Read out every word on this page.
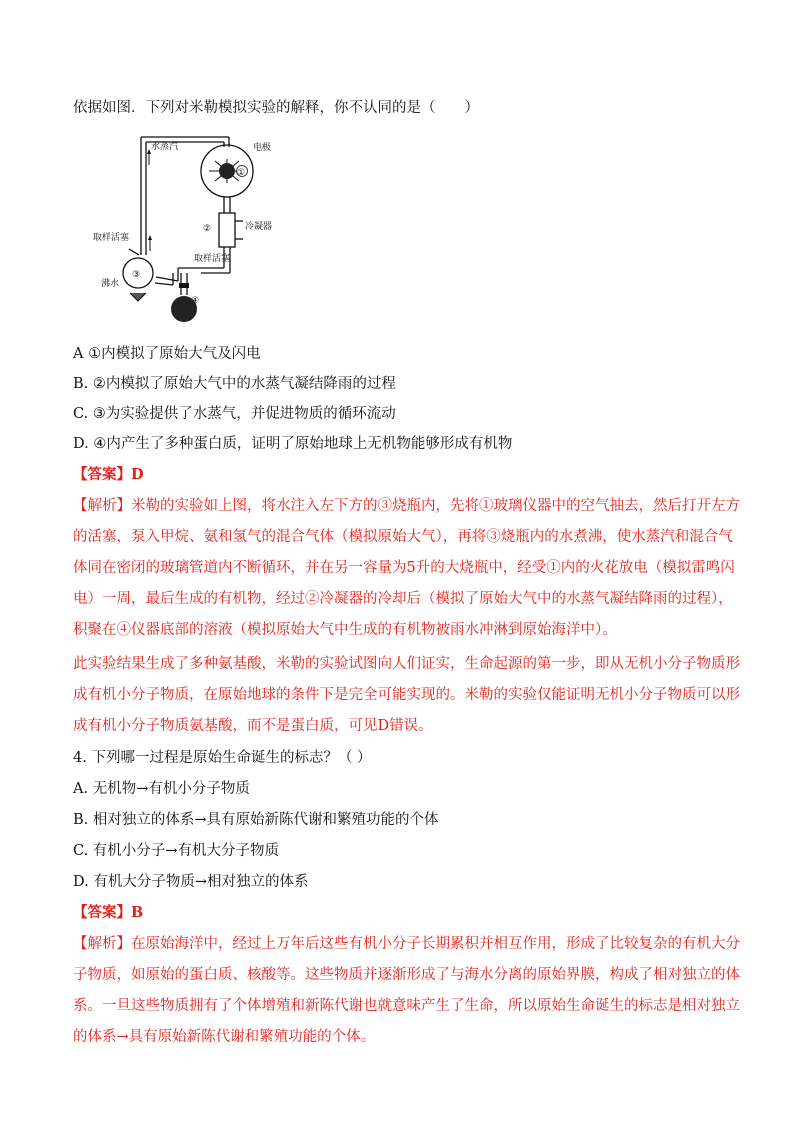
依据如图．下列对米勒模拟实验的解释，你不认同的是（　　）
水蒸汽	电极
①
②	冷凝器
取样活塞
取样活塞
③
沸水
④
A ①内模拟了原始大气及闪电
B. ②内模拟了原始大气中的水蒸气凝结降雨的过程
C. ③为实验提供了水蒸气，并促进物质的循环流动
D. ④内产生了多种蛋白质，证明了原始地球上无机物能够形成有机物
【答案】D
【解析】米勒的实验如上图，将水注入左下方的③烧瓶内，先将①玻璃仪器中的空气抽去，然后打开左方
的活塞，泵入甲烷、氨和氢气的混合气体（模拟原始大气），再将③烧瓶内的水煮沸，使水蒸汽和混合气
体同在密闭的玻璃管道内不断循环，并在另一容量为5升的大烧瓶中，经受①内的火花放电（模拟雷鸣闪
电）一周，最后生成的有机物，经过②冷凝器的冷却后（模拟了原始大气中的水蒸气凝结降雨的过程），
积聚在④仪器底部的溶液（模拟原始大气中生成的有机物被雨水冲淋到原始海洋中）。
此实验结果生成了多种氨基酸，米勒的实验试图向人们证实，生命起源的第一步，即从无机小分子物质形
成有机小分子物质，在原始地球的条件下是完全可能实现的。米勒的实验仅能证明无机小分子物质可以形
成有机小分子物质氨基酸，而不是蛋白质，可见D错误。
4. 下列哪一过程是原始生命诞生的标志？（ ）
A. 无机物→有机小分子物质
B. 相对独立的体系→具有原始新陈代谢和繁殖功能的个体
C. 有机小分子→有机大分子物质
D. 有机大分子物质→相对独立的体系
【答案】B
【解析】在原始海洋中，经过上万年后这些有机小分子长期累积并相互作用，形成了比较复杂的有机大分
子物质，如原始的蛋白质、核酸等。这些物质并逐渐形成了与海水分离的原始界膜，构成了相对独立的体
系。一旦这些物质拥有了个体增殖和新陈代谢也就意味产生了生命，所以原始生命诞生的标志是相对独立
的体系→具有原始新陈代谢和繁殖功能的个体。
